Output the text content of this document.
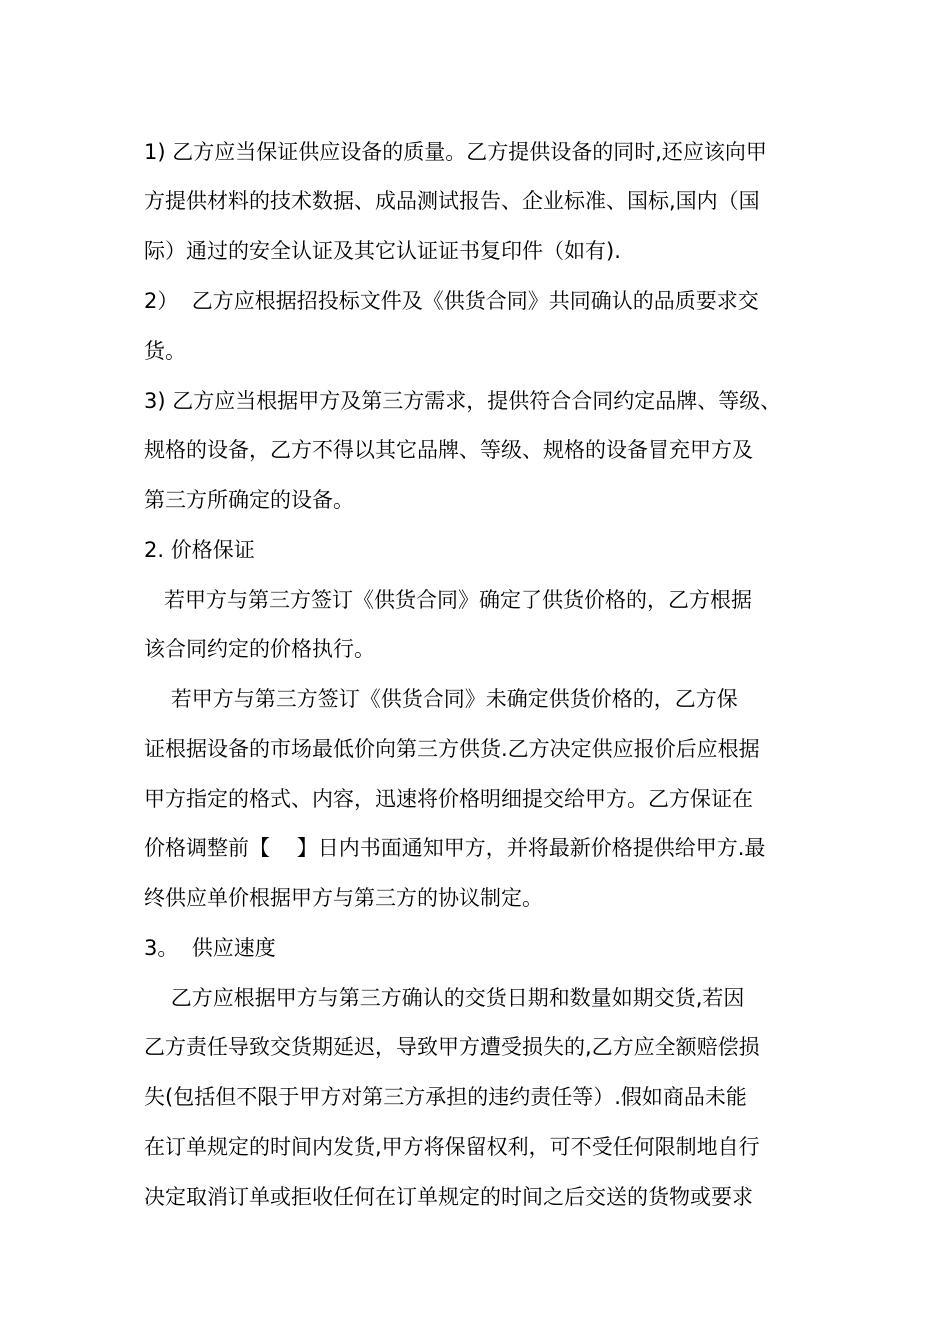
1) 乙方应当保证供应设备的质量。乙方提供设备的同时,还应该向甲
方提供材料的技术数据、成品测试报告、企业标准、国标,国内（国
际）通过的安全认证及其它认证证书复印件（如有).
2）  乙方应根据招投标文件及《供货合同》共同确认的品质要求交
货。
3) 乙方应当根据甲方及第三方需求，提供符合合同约定品牌、等级、
规格的设备，乙方不得以其它品牌、等级、规格的设备冒充甲方及
第三方所确定的设备。
2. 价格保证
若甲方与第三方签订《供货合同》确定了供货价格的，乙方根据
该合同约定的价格执行。
若甲方与第三方签订《供货合同》未确定供货价格的，乙方保
证根据设备的市场最低价向第三方供货.乙方决定供应报价后应根据
甲方指定的格式、内容，迅速将价格明细提交给甲方。乙方保证在
价格调整前【    】日内书面通知甲方，并将最新价格提供给甲方.最
终供应单价根据甲方与第三方的协议制定。
3。  供应速度
乙方应根据甲方与第三方确认的交货日期和数量如期交货,若因
乙方责任导致交货期延迟，导致甲方遭受损失的,乙方应全额赔偿损
失(包括但不限于甲方对第三方承担的违约责任等）.假如商品未能
在订单规定的时间内发货,甲方将保留权利，可不受任何限制地自行
决定取消订单或拒收任何在订单规定的时间之后交送的货物或要求
